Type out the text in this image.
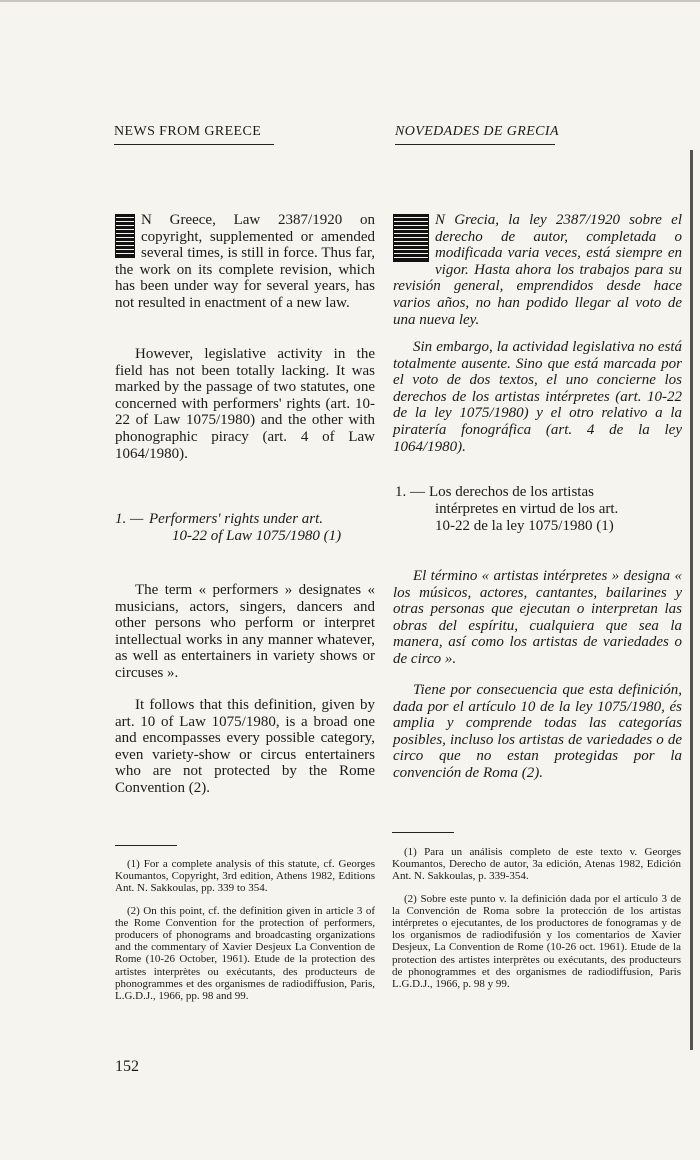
NEWS FROM GREECE	NOVEDADES DE GRECIA

N Greece, Law 2387/1920 on copyright, supplemented or amended several times, is still in force. Thus far, the work on its complete revision, which has been under way for several years, has not resulted in enactment of a new law.

However, legislative activity in the field has not been totally lacking. It was marked by the passage of two statutes, one concerned with performers' rights (art. 10-22 of Law 1075/1980) and the other with phonographic piracy (art. 4 of Law 1064/1980).

1. — Performers' rights under art.
10-22 of Law 1075/1980 (1)

The term « performers » designates « musicians, actors, singers, dancers and other persons who perform or interpret intellectual works in any manner whatever, as well as entertainers in variety shows or circuses ».

It follows that this definition, given by art. 10 of Law 1075/1980, is a broad one and encompasses every possible category, even variety-show or circus entertainers who are not protected by the Rome Convention (2).

N Grecia, la ley 2387/1920 sobre el derecho de autor, completada o modificada varia veces, está siempre en vigor. Hasta ahora los trabajos para su revisión general, emprendidos desde hace varios años, no han podido llegar al voto de una nueva ley.

Sin embargo, la actividad legislativa no está totalmente ausente. Sino que está marcada por el voto de dos textos, el uno concierne los derechos de los artistas intérpretes (art. 10-22 de la ley 1075/1980) y el otro relativo a la piratería fonográfica (art. 4 de la ley 1064/1980).

1. — Los derechos de los artistas
intérpretes en virtud de los art.
10-22 de la ley 1075/1980 (1)

El término « artistas intérpretes » designa « los músicos, actores, cantantes, bailarines y otras personas que ejecutan o interpretan las obras del espíritu, cualquiera que sea la manera, así como los artistas de variedades o de circo ».

Tiene por consecuencia que esta definición, dada por el artículo 10 de la ley 1075/1980, és amplia y comprende todas las categorías posibles, incluso los artistas de variedades o de circo que no estan protegidas por la convención de Roma (2).

(1) For a complete analysis of this statute, cf. Georges Koumantos, Copyright, 3rd edition, Athens 1982, Editions Ant. N. Sakkoulas, pp. 339 to 354.

(2) On this point, cf. the definition given in article 3 of the Rome Convention for the protection of performers, producers of phonograms and broadcasting organizations and the commentary of Xavier Desjeux La Convention de Rome (10-26 October, 1961). Etude de la protection des artistes interprètes ou exécutants, des producteurs de phonogrammes et des organismes de radiodiffusion, Paris, L.G.D.J., 1966, pp. 98 and 99.

(1) Para un análisis completo de este texto v. Georges Koumantos, Derecho de autor, 3a edición, Atenas 1982, Edición Ant. N. Sakkoulas, p. 339-354.

(2) Sobre este punto v. la definición dada por el artículo 3 de la Convención de Roma sobre la protección de los artistas intérpretes o ejecutantes, de los productores de fonogramas y de los organismos de radiodifusión y los comentarios de Xavier Desjeux, La Convention de Rome (10-26 oct. 1961). Etude de la protection des artistes interprètes ou exécutants, des producteurs de phonogrammes et des organismes de radiodiffusion, Paris L.G.D.J., 1966, p. 98 y 99.

152
